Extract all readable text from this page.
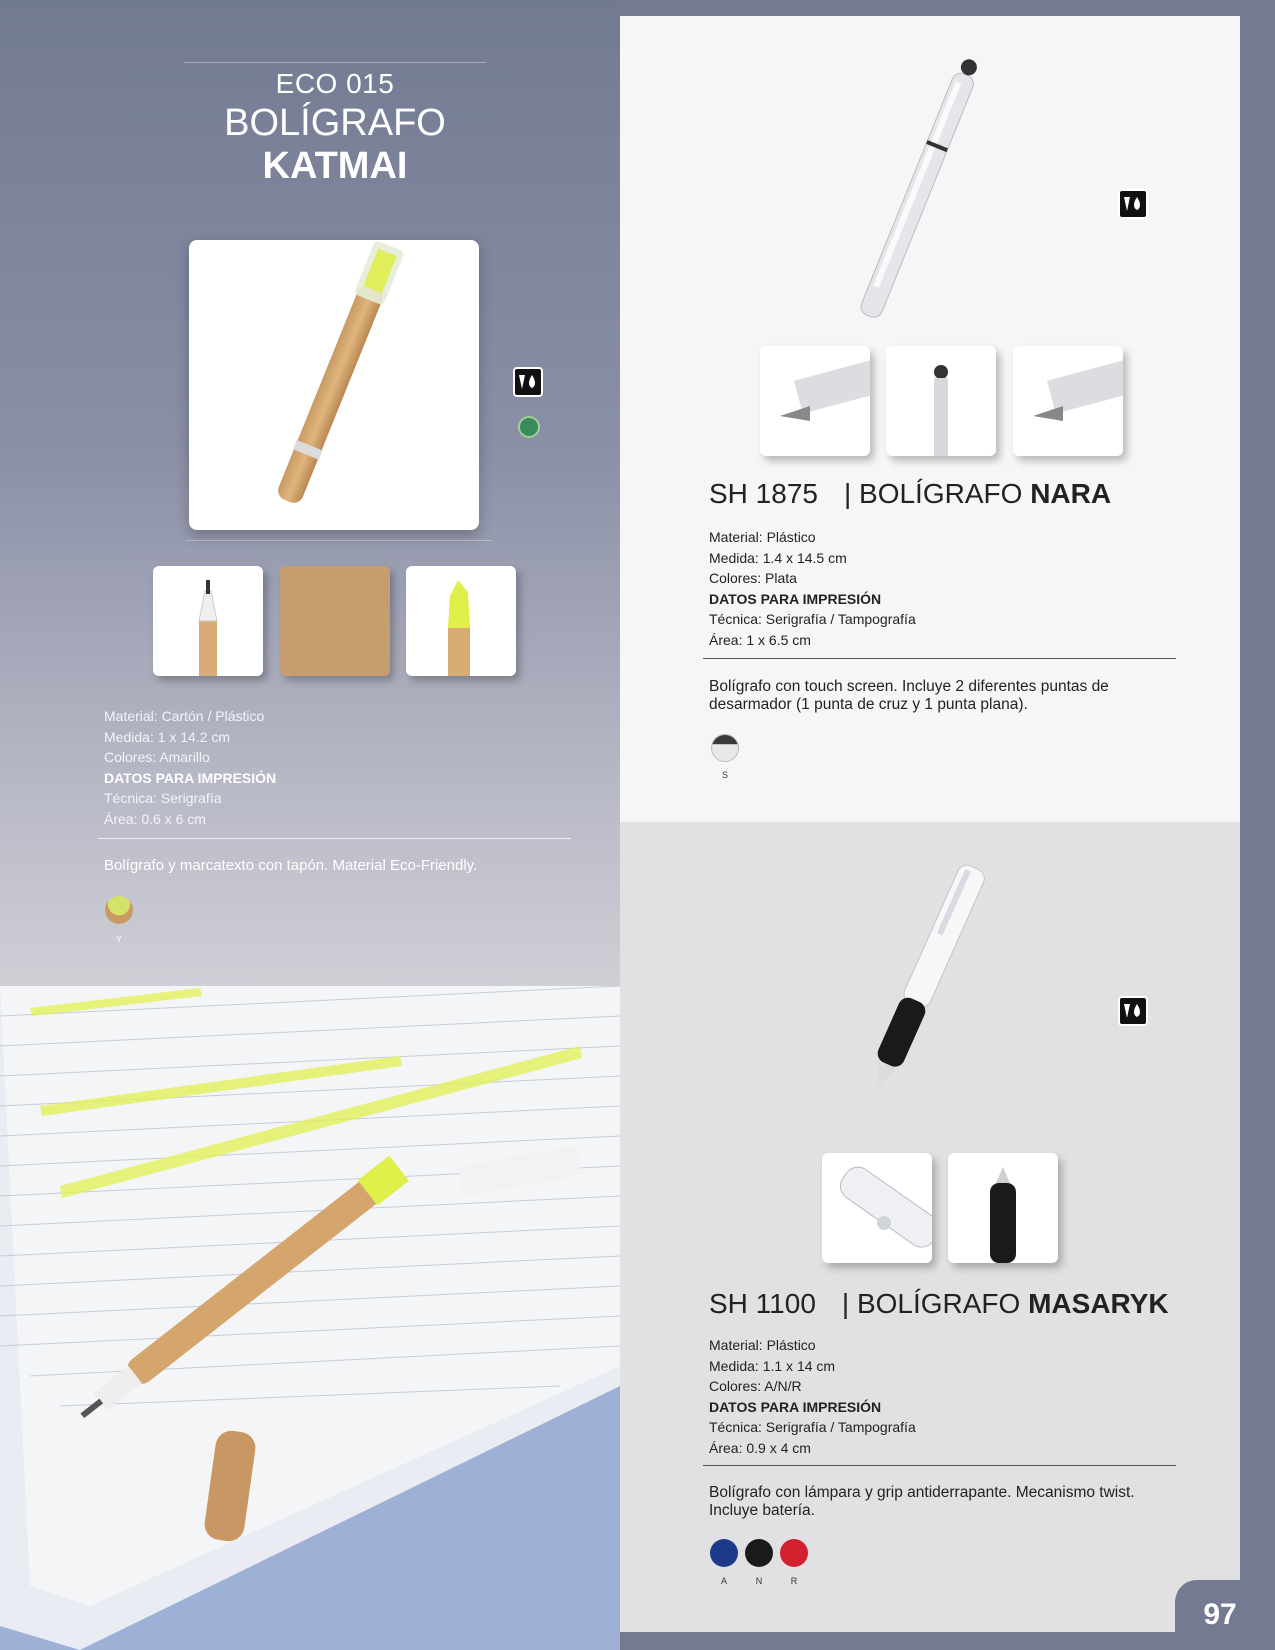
ECO 015
BOLÍGRAFO
KATMAI
Material: Cartón / Plástico
Medida: 1 x 14.2 cm
Colores: Amarillo
DATOS PARA IMPRESIÓN
Técnica: Serigrafía
Área: 0.6 x 6 cm
Bolígrafo y marcatexto con tapón. Material Eco-Friendly.
Y
SH 1875 | BOLÍGRAFO NARA
Material: Plástico
Medida: 1.4 x 14.5 cm
Colores: Plata
DATOS PARA IMPRESIÓN
Técnica: Serigrafía / Tampografía
Área: 1 x 6.5 cm
Bolígrafo con touch screen. Incluye 2 diferentes puntas de desarmador (1 punta de cruz y 1 punta plana).
S
SH 1100 | BOLÍGRAFO MASARYK
Material: Plástico
Medida: 1.1 x 14 cm
Colores: A/N/R
DATOS PARA IMPRESIÓN
Técnica: Serigrafía / Tampografía
Área: 0.9 x 4 cm
Bolígrafo con lámpara y grip antiderrapante. Mecanismo twist. Incluye batería.
A	N	R
97
